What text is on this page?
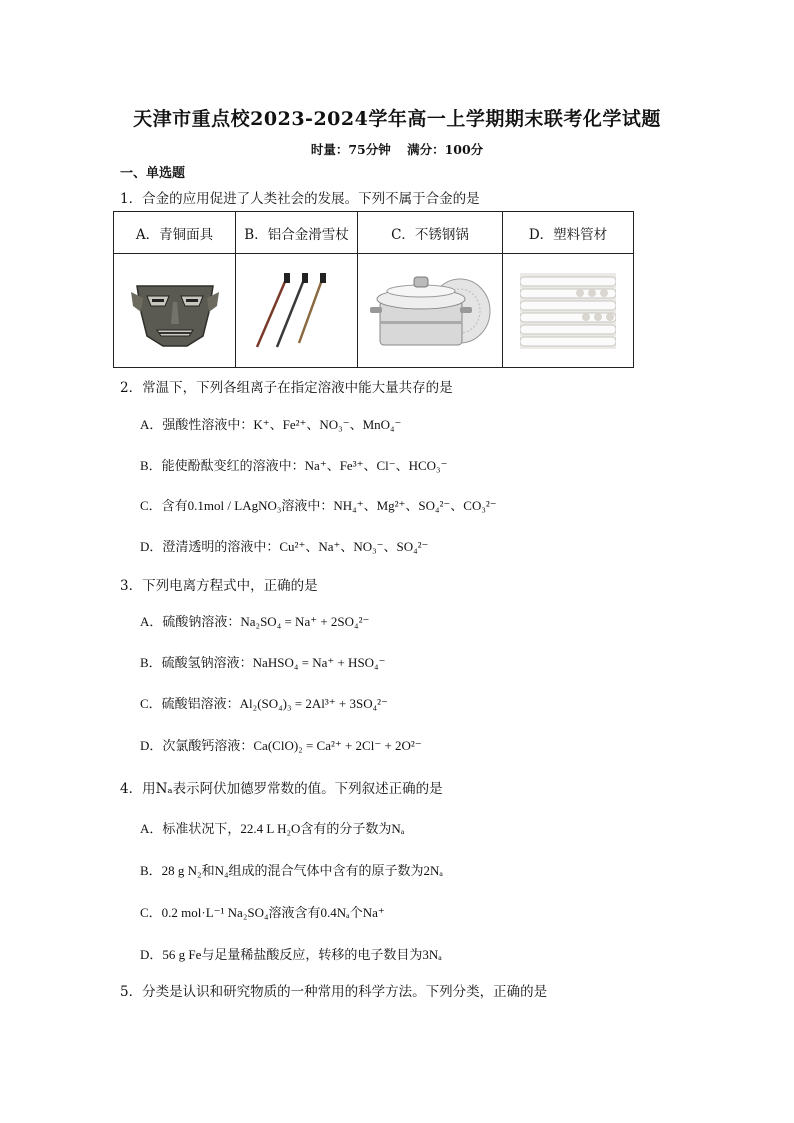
天津市重点校2023-2024学年高一上学期期末联考化学试题
时量：75分钟 满分：100分
一、单选题
1．合金的应用促进了人类社会的发展。下列不属于合金的是
A．青铜面具	B．铝合金滑雪杖	C．不锈钢锅	D．塑料管材
2．常温下，下列各组离子在指定溶液中能大量共存的是
A．强酸性溶液中：K⁺、Fe²⁺、NO₃⁻、MnO₄⁻
B．能使酚酞变红的溶液中：Na⁺、Fe³⁺、Cl⁻、HCO₃⁻
C．含有0.1mol / LAgNO₃溶液中：NH₄⁺、Mg²⁺、SO₄²⁻、CO₃²⁻
D．澄清透明的溶液中：Cu²⁺、Na⁺、NO₃⁻、SO₄²⁻
3．下列电离方程式中，正确的是
A．硫酸钠溶液：Na₂SO₄ = Na⁺ + 2SO₄²⁻
B．硫酸氢钠溶液：NaHSO₄ = Na⁺ + HSO₄⁻
C．硫酸铝溶液：Al₂(SO₄)₃ = 2Al³⁺ + 3SO₄²⁻
D．次氯酸钙溶液：Ca(ClO)₂ = Ca²⁺ + 2Cl⁻ + 2O²⁻
4．用Nₐ表示阿伏加德罗常数的值。下列叙述正确的是
A．标准状况下，22.4 L H₂O含有的分子数为Nₐ
B．28 g N₂和N₄组成的混合气体中含有的原子数为2Nₐ
C．0.2 mol·L⁻¹ Na₂SO₄溶液含有0.4Nₐ个Na⁺
D．56 g Fe与足量稀盐酸反应，转移的电子数目为3Nₐ
5．分类是认识和研究物质的一种常用的科学方法。下列分类，正确的是
